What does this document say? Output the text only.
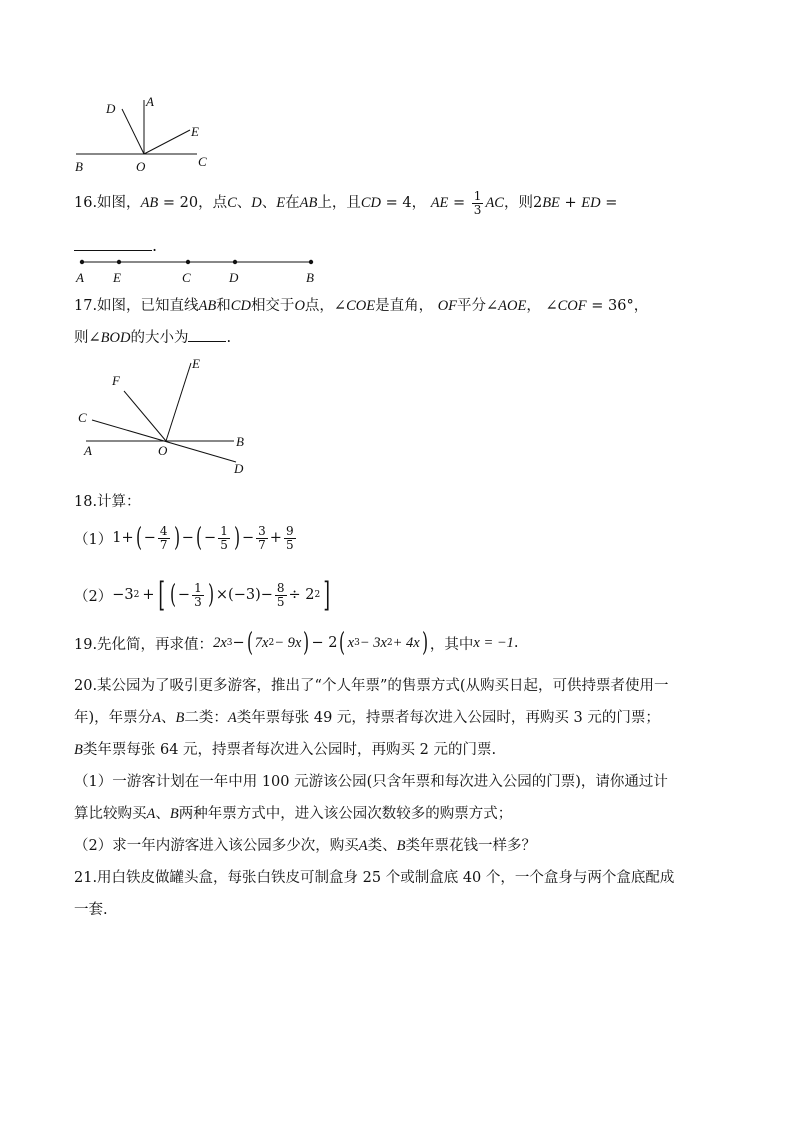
D A
E
B	O	C
16.如图，AB = 20，点C、D、E在AB上，且CD = 4， AE = $\frac{1}{3}$ AC，则2BE + ED =
.
A E	C	D	B
17.如图，已知直线AB和CD相交于O点，∠COE是直角， OF平分∠AOE， ∠COF = 36°，
则∠BOD的大小为	.
E
F
C
A	O
B
D
18.计算：
（1） 1+ ( − $\frac{4}{7}$ ) − ( − $\frac{1}{5}$ ) − $\frac{3}{7} + \frac{9}{5}$
（2） −3 2 + [ ( − $\frac{1}{3}$ ) × $(-3) - \frac{8}{5} \div 2$ 2 ]
19.先化简，再求值： 2x 3 − ( 7x 2 − 9x ) − 2 ( x 3 − 3x 2 + 4x ) ，其中 x = −1 .
20.某公园为了吸引更多游客，推出了“个人年票”的售票方式(从购买日起，可供持票者使用一
年)，年票分A、B二类：A类年票每张 49 元，持票者每次进入公园时，再购买 3 元的门票；
B类年票每张 64 元，持票者每次进入公园时，再购买 2 元的门票.
（1）一游客计划在一年中用 100 元游该公园(只含年票和每次进入公园的门票)，请你通过计
算比较购买A、B两种年票方式中，进入该公园次数较多的购票方式；
（2）求一年内游客进入该公园多少次，购买A类、B类年票花钱一样多？
21.用白铁皮做罐头盒，每张白铁皮可制盒身 25 个或制盒底 40 个，一个盒身与两个盒底配成
一套.
